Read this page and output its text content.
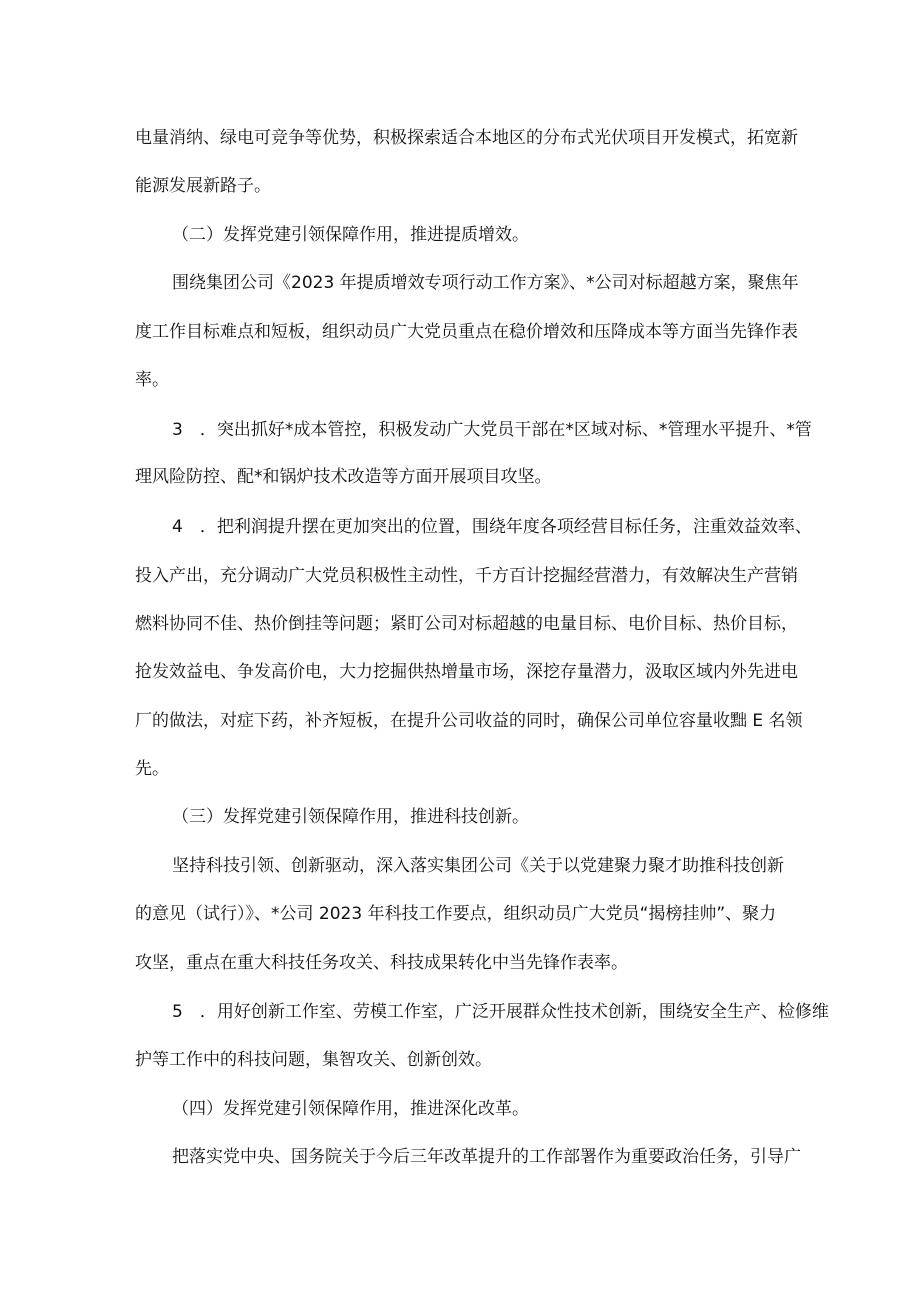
电量消纳、绿电可竞争等优势，积极探索适合本地区的分布式光伏项目开发模式，拓宽新
能源发展新路子。
（二）发挥党建引领保障作用，推进提质增效。
围绕集团公司《2023 年提质增效专项行动工作方案》、*公司对标超越方案，聚焦年
度工作目标难点和短板，组织动员广大党员重点在稳价增效和压降成本等方面当先锋作表
率。
3　．突出抓好*成本管控，积极发动广大党员干部在*区域对标、*管理水平提升、*管
理风险防控、配*和锅炉技术改造等方面开展项目攻坚。
4　．把利润提升摆在更加突出的位置，围绕年度各项经营目标任务，注重效益效率、
投入产出，充分调动广大党员积极性主动性，千方百计挖掘经营潜力，有效解决生产营销
燃料协同不佳、热价倒挂等问题；紧盯公司对标超越的电量目标、电价目标、热价目标，
抢发效益电、争发高价电，大力挖掘供热增量市场，深挖存量潜力，汲取区域内外先进电
厂的做法，对症下药，补齐短板，在提升公司收益的同时，确保公司单位容量收黜 E 名领
先。
（三）发挥党建引领保障作用，推进科技创新。
坚持科技引领、创新驱动，深入落实集团公司《关于以党建聚力聚才助推科技创新
的意见（试行）》、*公司 2023 年科技工作要点，组织动员广大党员“揭榜挂帅”、聚力
攻坚，重点在重大科技任务攻关、科技成果转化中当先锋作表率。
5　．用好创新工作室、劳模工作室，广泛开展群众性技术创新，围绕安全生产、检修维
护等工作中的科技问题，集智攻关、创新创效。
（四）发挥党建引领保障作用，推进深化改革。
把落实党中央、国务院关于今后三年改革提升的工作部署作为重要政治任务，引导广
